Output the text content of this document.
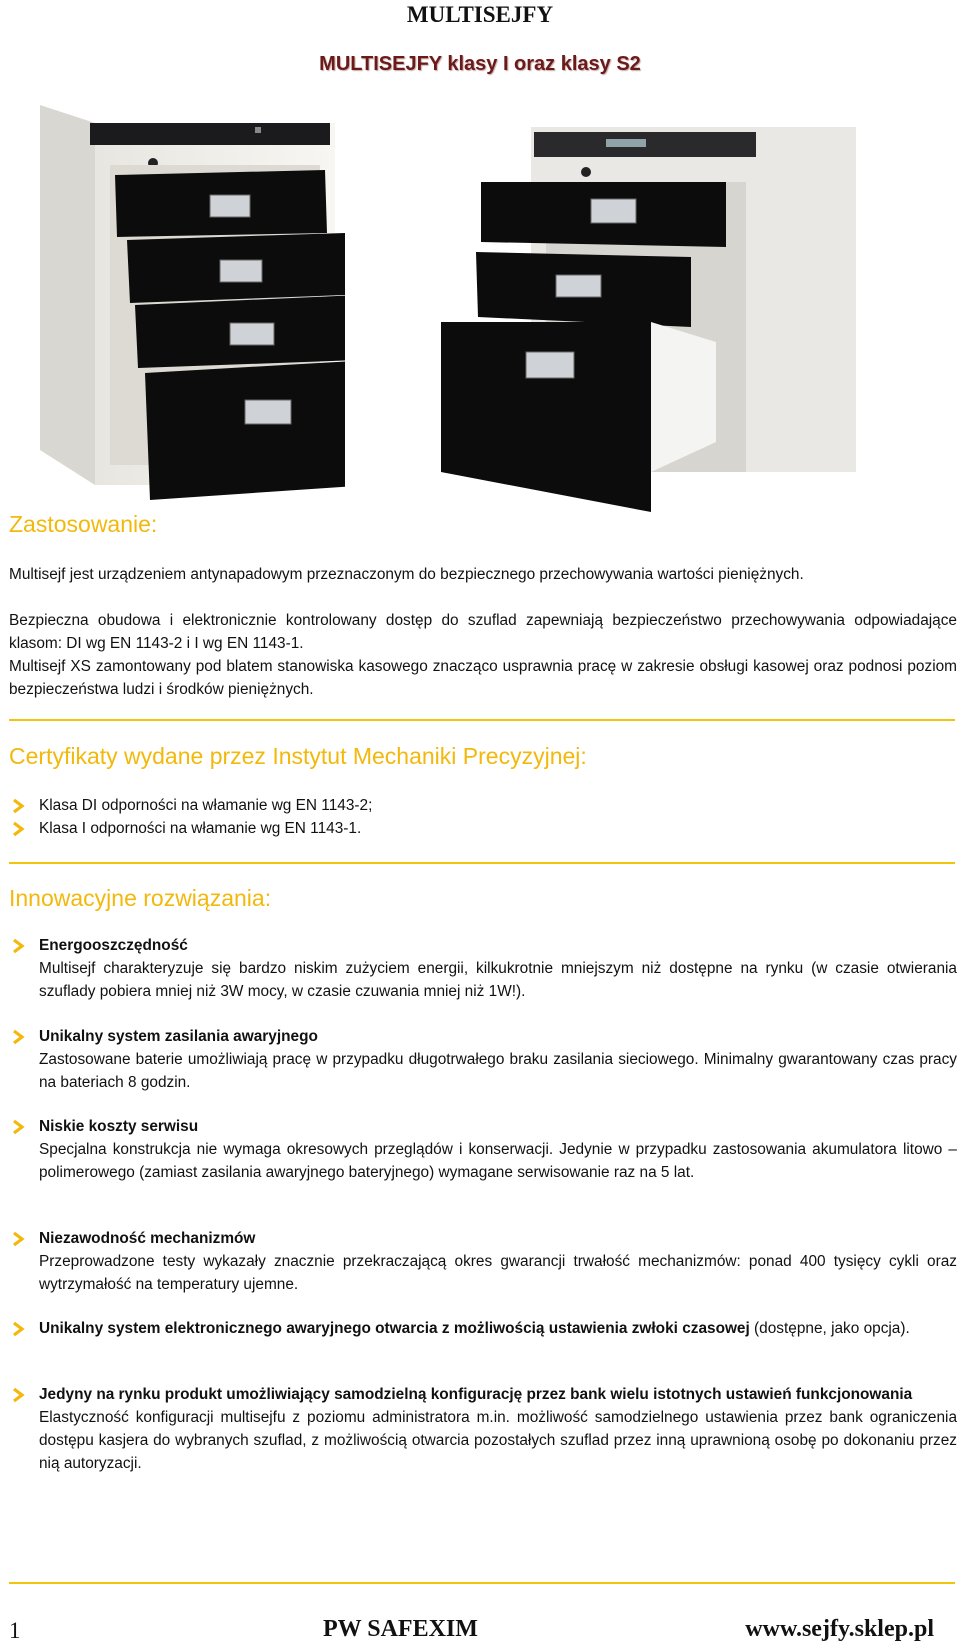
MULTISEJFY
MULTISEJFY klasy I oraz klasy S2
Zastosowanie:

Multisejf jest urządzeniem antynapadowym przeznaczonym do bezpiecznego przechowywania wartości pieniężnych.

Bezpieczna obudowa i elektronicznie kontrolowany dostęp do szuflad zapewniają bezpieczeństwo przechowywania odpowiadające klasom: DI wg EN 1143-2 i I wg EN 1143-1.

Multisejf XS zamontowany pod blatem stanowiska kasowego znacząco usprawnia pracę w zakresie obsługi kasowej oraz podnosi poziom bezpieczeństwa ludzi i środków pieniężnych.

Certyfikaty wydane przez Instytut Mechaniki Precyzyjnej:
Klasa DI odporności na włamanie wg EN 1143-2;
Klasa I odporności na włamanie wg EN 1143-1.
Innowacyjne rozwiązania:
Energooszczędność
Multisejf charakteryzuje się bardzo niskim zużyciem energii, kilkukrotnie mniejszym niż dostępne na rynku (w czasie otwierania szuflady pobiera mniej niż 3W mocy, w czasie czuwania mniej niż 1W!).
Unikalny system zasilania awaryjnego
Zastosowane baterie umożliwiają pracę w przypadku długotrwałego braku zasilania sieciowego. Minimalny gwarantowany czas pracy na bateriach 8 godzin.
Niskie koszty serwisu
Specjalna konstrukcja nie wymaga okresowych przeglądów i konserwacji. Jedynie w przypadku zastosowania akumulatora litowo – polimerowego (zamiast zasilania awaryjnego bateryjnego) wymagane serwisowanie raz na 5 lat.
Niezawodność mechanizmów
Przeprowadzone testy wykazały znacznie przekraczającą okres gwarancji trwałość mechanizmów: ponad 400 tysięcy cykli oraz wytrzymałość na temperatury ujemne.
Unikalny system elektronicznego awaryjnego otwarcia z możliwością ustawienia zwłoki czasowej (dostępne, jako opcja).
Jedyny na rynku produkt umożliwiający samodzielną konfigurację przez bank wielu istotnych ustawień funkcjonowania
Elastyczność konfiguracji multisejfu z poziomu administratora m.in. możliwość samodzielnego ustawienia przez bank ograniczenia dostępu kasjera do wybranych szuflad, z możliwością otwarcia pozostałych szuflad przez inną uprawnioną osobę po dokonaniu przez nią autoryzacji.
1	PW SAFEXIM	www.sejfy.sklep.pl
